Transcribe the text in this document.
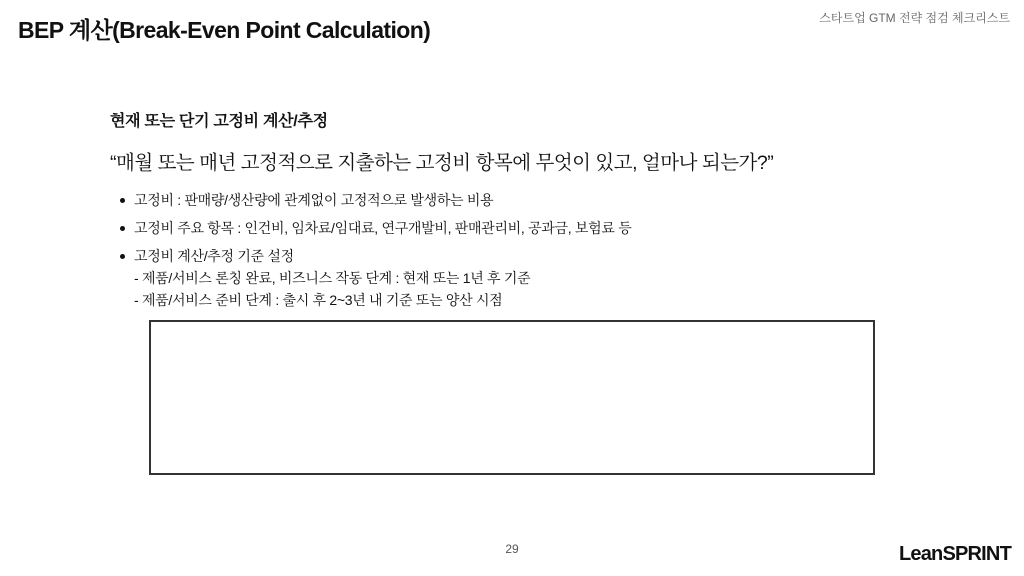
BEP 계산(Break-Even Point Calculation)	스타트업 GTM 전략 점검 체크리스트
현재 또는 단기 고정비 계산/추정
“매월 또는 매년 고정적으로 지출하는 고정비 항목에 무엇이 있고, 얼마나 되는가?”
고정비 : 판매량/생산량에 관계없이 고정적으로 발생하는 비용
고정비 주요 항목 : 인건비, 임차료/임대료, 연구개발비, 판매관리비, 공과금, 보험료 등
고정비 계산/추정 기준 설정
- 제품/서비스 론칭 완료, 비즈니스 작동 단계 : 현재 또는 1년 후 기준
- 제품/서비스 준비 단계 : 출시 후 2~3년 내 기준 또는 양산 시점
29	LeanSPRINT
